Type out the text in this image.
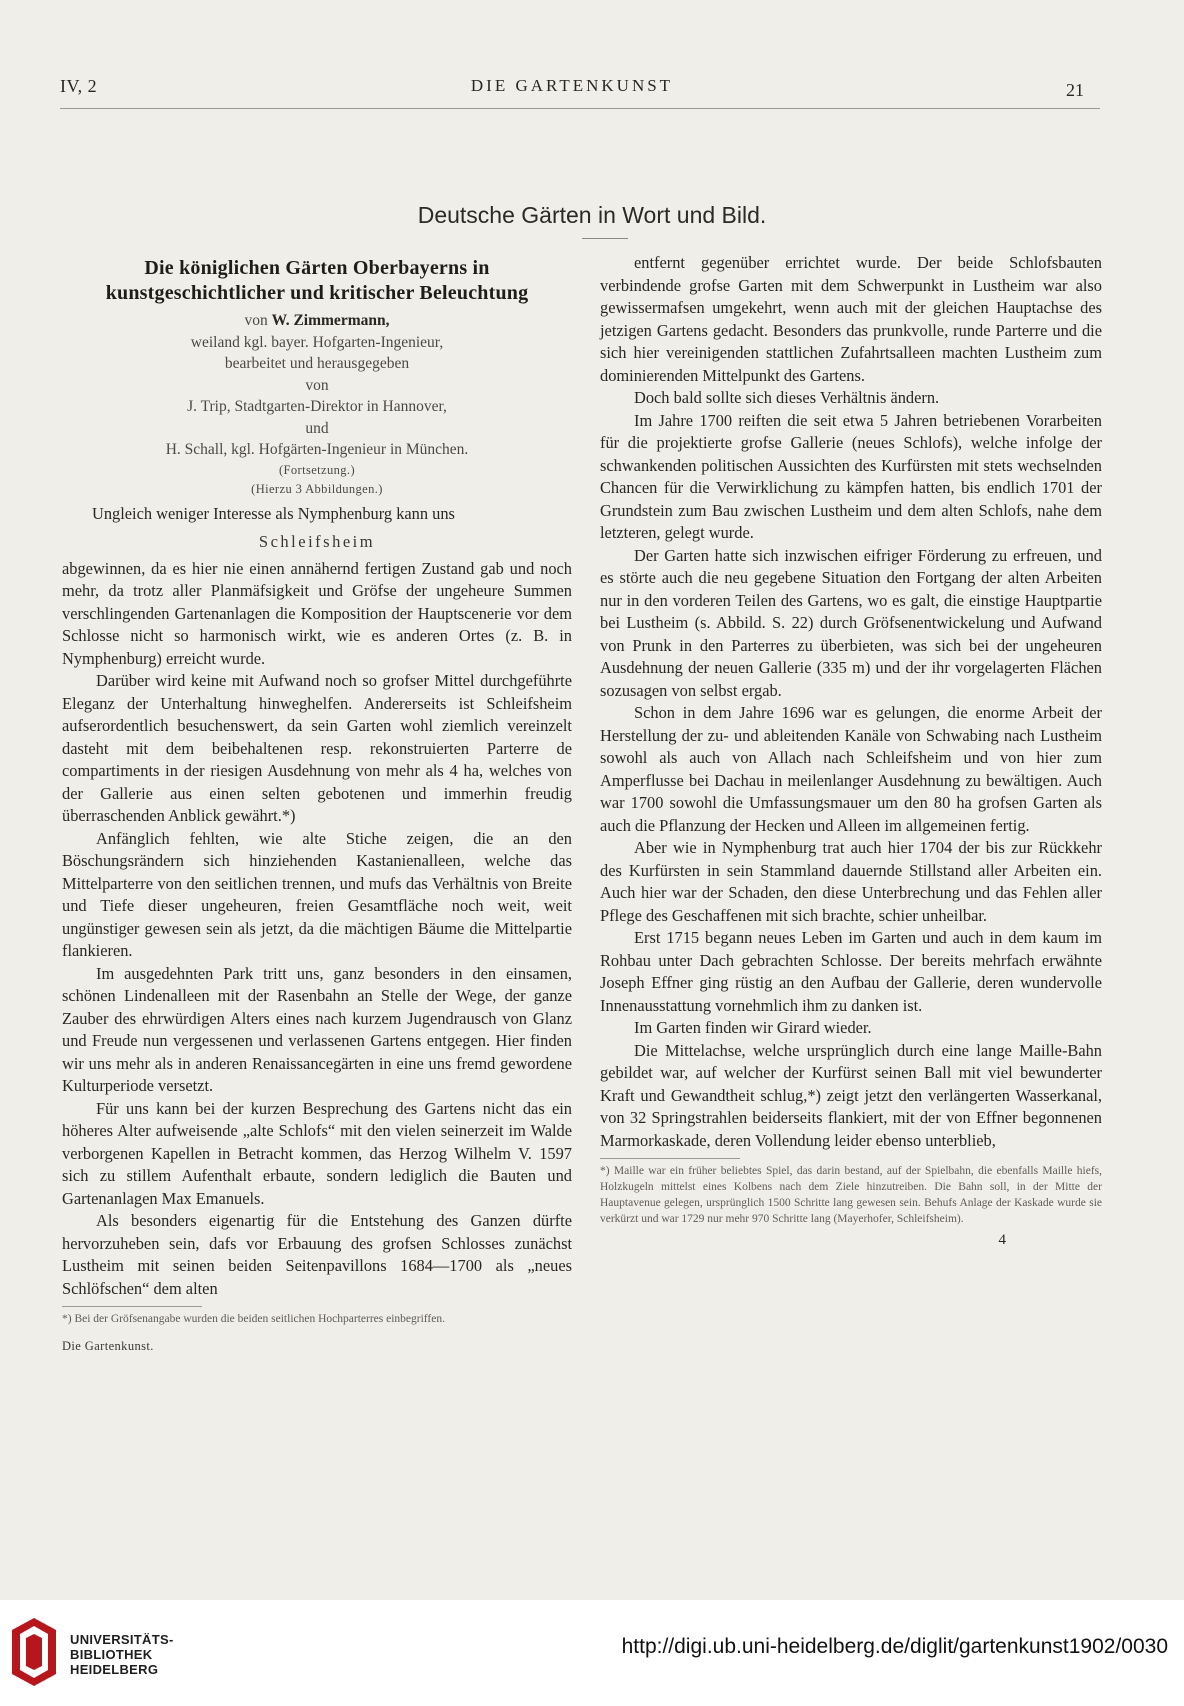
IV, 2	DIE GARTENKUNST	21
Deutsche Gärten in Wort und Bild.
Die königlichen Gärten Oberbayerns in kunstgeschichtlicher und kritischer Beleuchtung
von W. Zimmermann,
weiland kgl. bayer. Hofgarten-Ingenieur,
bearbeitet und herausgegeben
von
J. Trip, Stadtgarten-Direktor in Hannover,
und
H. Schall, kgl. Hofgärten-Ingenieur in München.
(Fortsetzung.)
(Hierzu 3 Abbildungen.)

Ungleich weniger Interesse als Nymphenburg kann uns

Schleifsheim

abgewinnen, da es hier nie einen annähernd fertigen Zustand gab und noch mehr, da trotz aller Planmäfsigkeit und Gröfse der ungeheure Summen verschlingenden Gartenanlagen die Komposition der Hauptscenerie vor dem Schlosse nicht so harmonisch wirkt, wie es anderen Ortes (z. B. in Nymphenburg) erreicht wurde.

Darüber wird keine mit Aufwand noch so grofser Mittel durchgeführte Eleganz der Unterhaltung hinweghelfen. Andererseits ist Schleifsheim aufserordentlich besuchenswert, da sein Garten wohl ziemlich vereinzelt dasteht mit dem beibehaltenen resp. rekonstruierten Parterre de compartiments in der riesigen Ausdehnung von mehr als 4 ha, welches von der Gallerie aus einen selten gebotenen und immerhin freudig überraschenden Anblick gewährt.*)

Anfänglich fehlten, wie alte Stiche zeigen, die an den Böschungsrändern sich hinziehenden Kastanienalleen, welche das Mittelparterre von den seitlichen trennen, und mufs das Verhältnis von Breite und Tiefe dieser ungeheuren, freien Gesamtfläche noch weit, weit ungünstiger gewesen sein als jetzt, da die mächtigen Bäume die Mittelpartie flankieren.

Im ausgedehnten Park tritt uns, ganz besonders in den einsamen, schönen Lindenalleen mit der Rasenbahn an Stelle der Wege, der ganze Zauber des ehrwürdigen Alters eines nach kurzem Jugendrausch von Glanz und Freude nun vergessenen und verlassenen Gartens entgegen. Hier finden wir uns mehr als in anderen Renaissancegärten in eine uns fremd gewordene Kulturperiode versetzt.

Für uns kann bei der kurzen Besprechung des Gartens nicht das ein höheres Alter aufweisende „alte Schlofs“ mit den vielen seinerzeit im Walde verborgenen Kapellen in Betracht kommen, das Herzog Wilhelm V. 1597 sich zu stillem Aufenthalt erbaute, sondern lediglich die Bauten und Gartenanlagen Max Emanuels.

Als besonders eigenartig für die Entstehung des Ganzen dürfte hervorzuheben sein, dafs vor Erbauung des grofsen Schlosses zunächst Lustheim mit seinen beiden Seitenpavillons 1684—1700 als „neues Schlöfschen“ dem alten

*) Bei der Gröfsenangabe wurden die beiden seitlichen Hochparterres einbegriffen.
Die Gartenkunst.

entfernt gegenüber errichtet wurde. Der beide Schlofsbauten verbindende grofse Garten mit dem Schwerpunkt in Lustheim war also gewissermafsen umgekehrt, wenn auch mit der gleichen Hauptachse des jetzigen Gartens gedacht. Besonders das prunkvolle, runde Parterre und die sich hier vereinigenden stattlichen Zufahrtsalleen machten Lustheim zum dominierenden Mittelpunkt des Gartens.

Doch bald sollte sich dieses Verhältnis ändern.

Im Jahre 1700 reiften die seit etwa 5 Jahren betriebenen Vorarbeiten für die projektierte grofse Gallerie (neues Schlofs), welche infolge der schwankenden politischen Aussichten des Kurfürsten mit stets wechselnden Chancen für die Verwirklichung zu kämpfen hatten, bis endlich 1701 der Grundstein zum Bau zwischen Lustheim und dem alten Schlofs, nahe dem letzteren, gelegt wurde.

Der Garten hatte sich inzwischen eifriger Förderung zu erfreuen, und es störte auch die neu gegebene Situation den Fortgang der alten Arbeiten nur in den vorderen Teilen des Gartens, wo es galt, die einstige Hauptpartie bei Lustheim (s. Abbild. S. 22) durch Gröfsenentwickelung und Aufwand von Prunk in den Parterres zu überbieten, was sich bei der ungeheuren Ausdehnung der neuen Gallerie (335 m) und der ihr vorgelagerten Flächen sozusagen von selbst ergab.

Schon in dem Jahre 1696 war es gelungen, die enorme Arbeit der Herstellung der zu- und ableitenden Kanäle von Schwabing nach Lustheim sowohl als auch von Allach nach Schleifsheim und von hier zum Amperflusse bei Dachau in meilenlanger Ausdehnung zu bewältigen. Auch war 1700 sowohl die Umfassungsmauer um den 80 ha grofsen Garten als auch die Pflanzung der Hecken und Alleen im allgemeinen fertig.

Aber wie in Nymphenburg trat auch hier 1704 der bis zur Rückkehr des Kurfürsten in sein Stammland dauernde Stillstand aller Arbeiten ein. Auch hier war der Schaden, den diese Unterbrechung und das Fehlen aller Pflege des Geschaffenen mit sich brachte, schier unheilbar.

Erst 1715 begann neues Leben im Garten und auch in dem kaum im Rohbau unter Dach gebrachten Schlosse. Der bereits mehrfach erwähnte Joseph Effner ging rüstig an den Aufbau der Gallerie, deren wundervolle Innenausstattung vornehmlich ihm zu danken ist.

Im Garten finden wir Girard wieder.

Die Mittelachse, welche ursprünglich durch eine lange Maille-Bahn gebildet war, auf welcher der Kurfürst seinen Ball mit viel bewunderter Kraft und Gewandtheit schlug,*) zeigt jetzt den verlängerten Wasserkanal, von 32 Springstrahlen beiderseits flankiert, mit der von Effner begonnenen Marmorkaskade, deren Vollendung leider ebenso unterblieb,

*) Maille war ein früher beliebtes Spiel, das darin bestand, auf der Spielbahn, die ebenfalls Maille hiefs, Holzkugeln mittelst eines Kolbens nach dem Ziele hinzutreiben. Die Bahn soll, in der Mitte der Hauptavenue gelegen, ursprünglich 1500 Schritte lang gewesen sein. Behufs Anlage der Kaskade wurde sie verkürzt und war 1729 nur mehr 970 Schritte lang (Mayerhofer, Schleifsheim).
4
UNIVERSITÄTS-
BIBLIOTHEK
HEIDELBERG
http://digi.ub.uni-heidelberg.de/diglit/gartenkunst1902/0030
